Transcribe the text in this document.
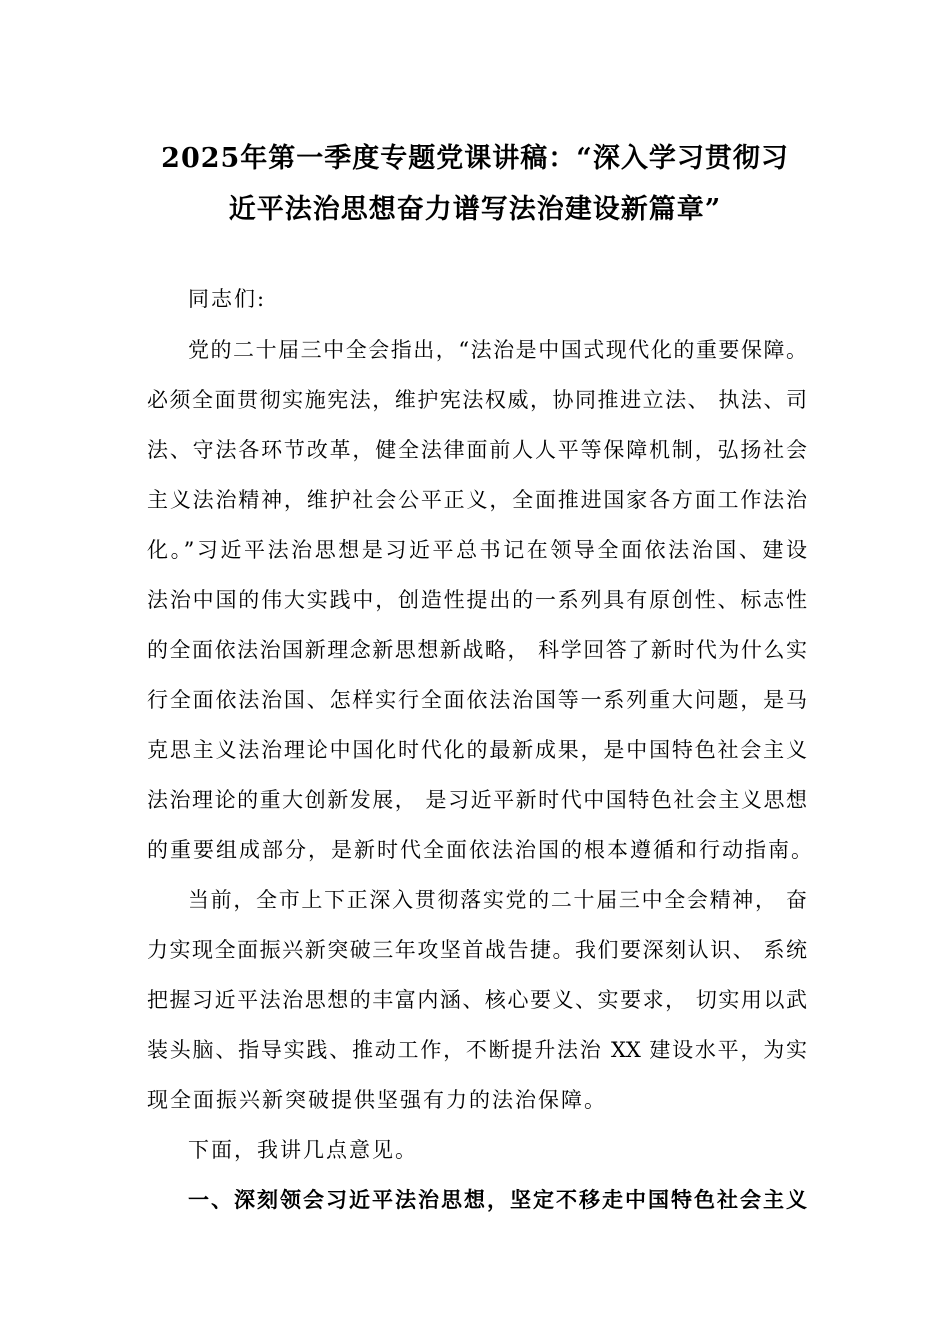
2025年第一季度专题党课讲稿：“深入学习贯彻习
近平法治思想奋力谱写法治建设新篇章”
同志们:
党的二十届三中全会指出，“法治是中国式现代化的重要保障。
必须全面贯彻实施宪法，维护宪法权威，协同推进立法、 执法、司
法、守法各环节改革，健全法律面前人人平等保障机制，弘扬社会
主义法治精神，维护社会公平正义，全面推进国家各方面工作法治
化。”习近平法治思想是习近平总书记在领导全面依法治国、建设
法治中国的伟大实践中，创造性提出的一系列具有原创性、标志性
的全面依法治国新理念新思想新战略， 科学回答了新时代为什么实
行全面依法治国、怎样实行全面依法治国等一系列重大问题，是马
克思主义法治理论中国化时代化的最新成果，是中国特色社会主义
法治理论的重大创新发展， 是习近平新时代中国特色社会主义思想
的重要组成部分，是新时代全面依法治国的根本遵循和行动指南。
当前，全市上下正深入贯彻落实党的二十届三中全会精神， 奋
力实现全面振兴新突破三年攻坚首战告捷。我们要深刻认识、 系统
把握习近平法治思想的丰富内涵、核心要义、实要求， 切实用以武
装头脑、指导实践、推动工作，不断提升法治 XX 建设水平，为实
现全面振兴新突破提供坚强有力的法治保障。
下面，我讲几点意见。
一、深刻领会习近平法治思想，坚定不移走中国特色社会主义
